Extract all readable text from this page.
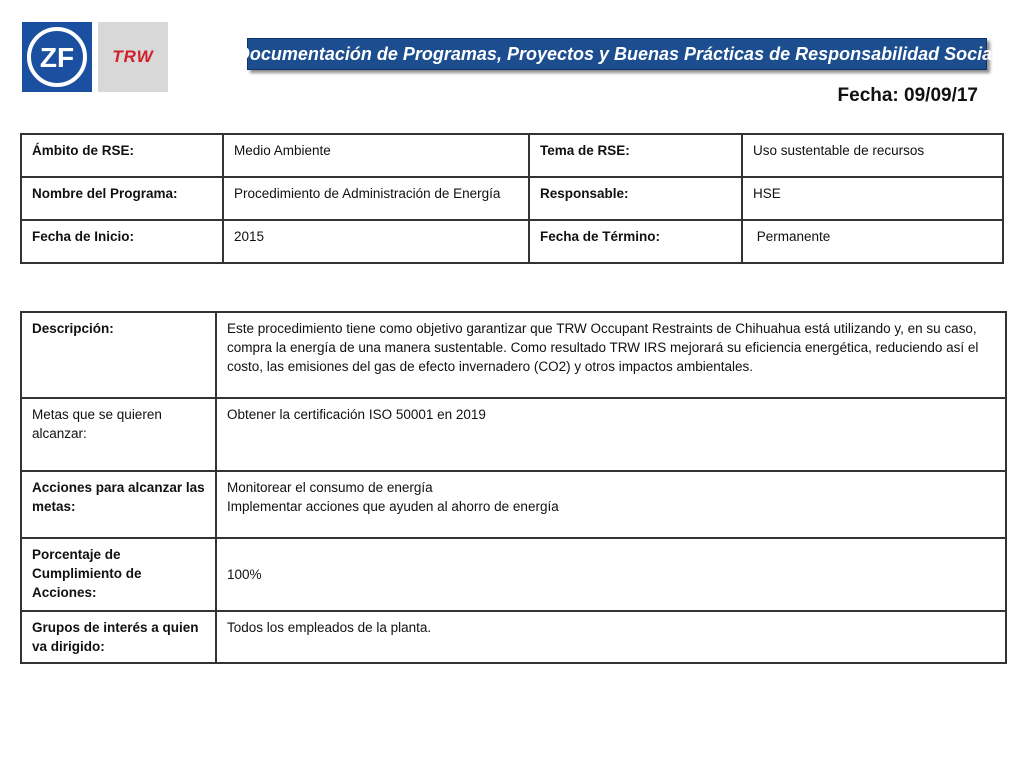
ZF TRW	Documentación de Programas, Proyectos y Buenas Prácticas de Responsabilidad Social
Fecha: 09/09/17
Ámbito de RSE:	Medio Ambiente	Tema de RSE:	Uso sustentable de recursos
Nombre del Programa:	Procedimiento de Administración de Energía	Responsable:	HSE
Fecha de Inicio:	2015	Fecha de Término:	Permanente
Descripción:	Este procedimiento tiene como objetivo garantizar que TRW Occupant Restraints de Chihuahua está utilizando y, en su caso, compra la energía de una manera sustentable. Como resultado TRW IRS mejorará su eficiencia energética, reduciendo así el costo, las emisiones del gas de efecto invernadero (CO2) y otros impactos ambientales.
Metas que se quieren alcanzar:	Obtener la certificación ISO 50001 en 2019
Acciones para alcanzar las metas:	Monitorear el consumo de energía
Implementar acciones que ayuden al ahorro de energía

Porcentaje de Cumplimiento de Acciones:	100%
Grupos de interés a quien va dirigido:	Todos los empleados de la planta.
